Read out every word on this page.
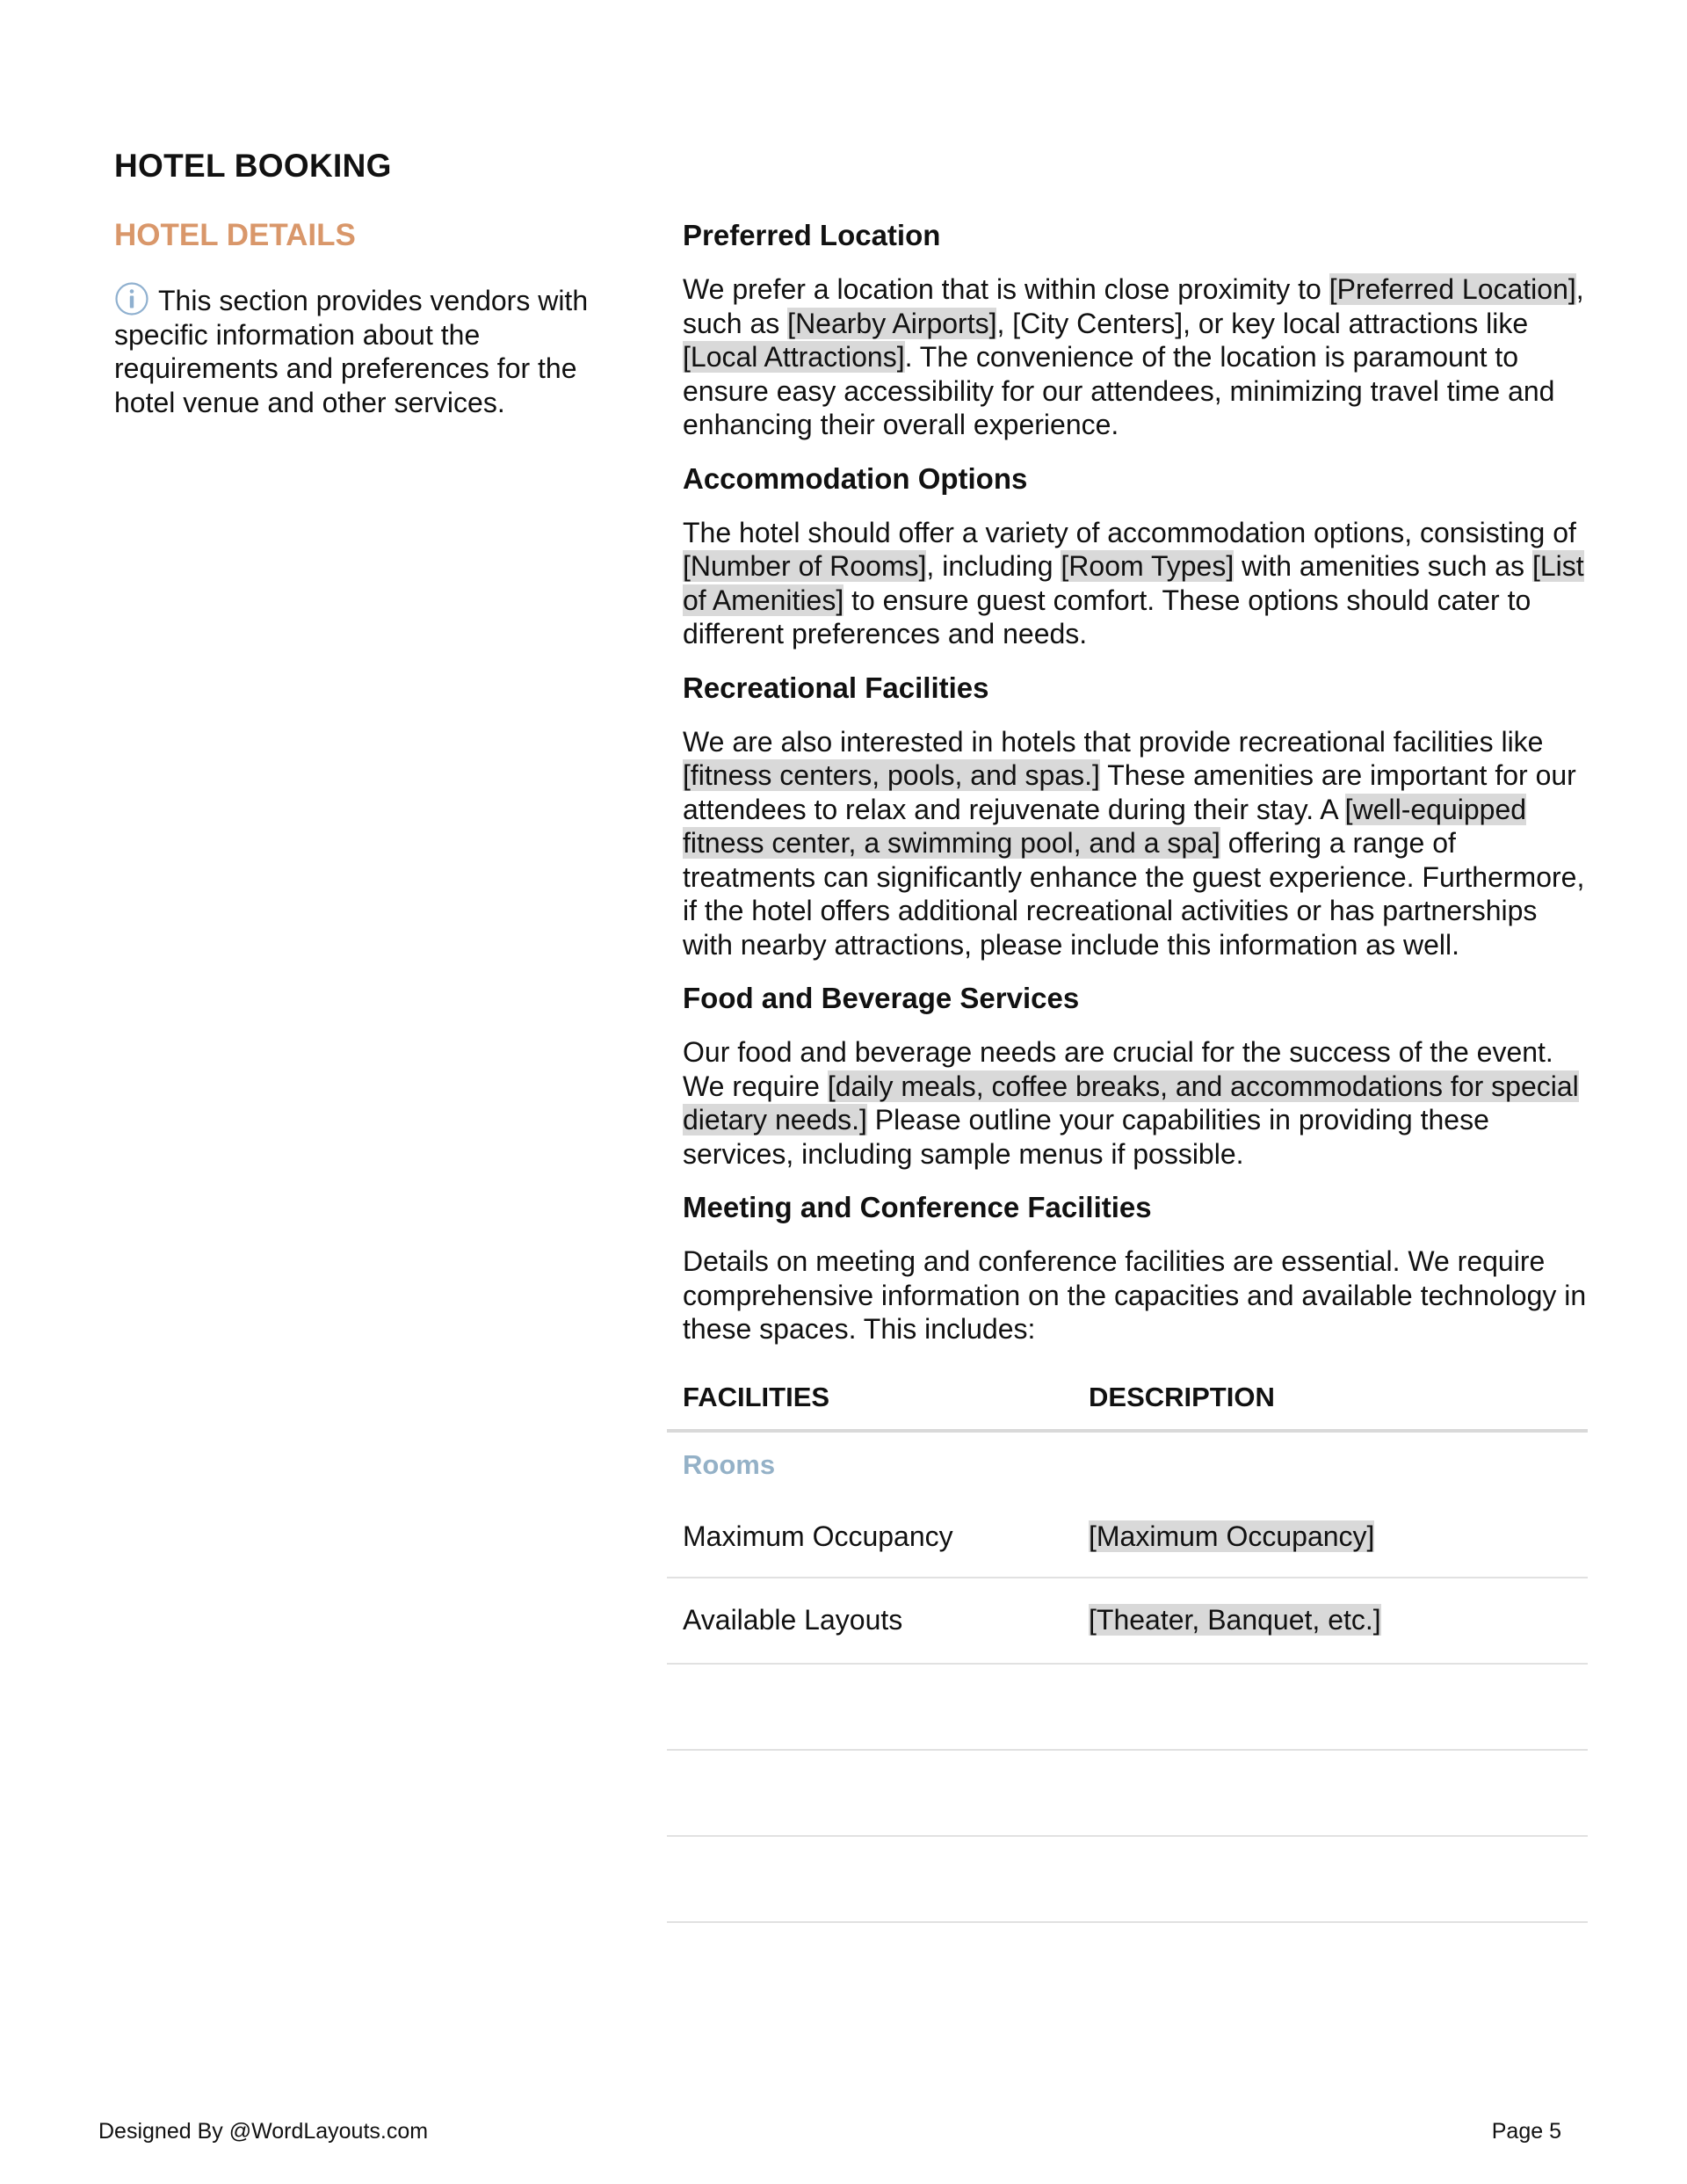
HOTEL BOOKING
HOTEL DETAILS
This section provides vendors with specific information about the requirements and preferences for the hotel venue and other services.
Preferred Location

We prefer a location that is within close proximity to [Preferred Location], such as [Nearby Airports], [City Centers], or key local attractions like [Local Attractions]. The convenience of the location is paramount to ensure easy accessibility for our attendees, minimizing travel time and enhancing their overall experience.

Accommodation Options

The hotel should offer a variety of accommodation options, consisting of [Number of Rooms], including [Room Types] with amenities such as [List of Amenities] to ensure guest comfort. These options should cater to different preferences and needs.

Recreational Facilities

We are also interested in hotels that provide recreational facilities like [fitness centers, pools, and spas.] These amenities are important for our attendees to relax and rejuvenate during their stay. A [well-equipped fitness center, a swimming pool, and a spa] offering a range of treatments can significantly enhance the guest experience. Furthermore, if the hotel offers additional recreational activities or has partnerships with nearby attractions, please include this information as well.

Food and Beverage Services

Our food and beverage needs are crucial for the success of the event. We require [daily meals, coffee breaks, and accommodations for special dietary needs.] Please outline your capabilities in providing these services, including sample menus if possible.

Meeting and Conference Facilities

Details on meeting and conference facilities are essential. We require comprehensive information on the capacities and available technology in these spaces. This includes:

FACILITIES	DESCRIPTION
Rooms
Maximum Occupancy	[Maximum Occupancy]
Available Layouts	[Theater, Banquet, etc.]
Designed By @WordLayouts.com	Page 5
